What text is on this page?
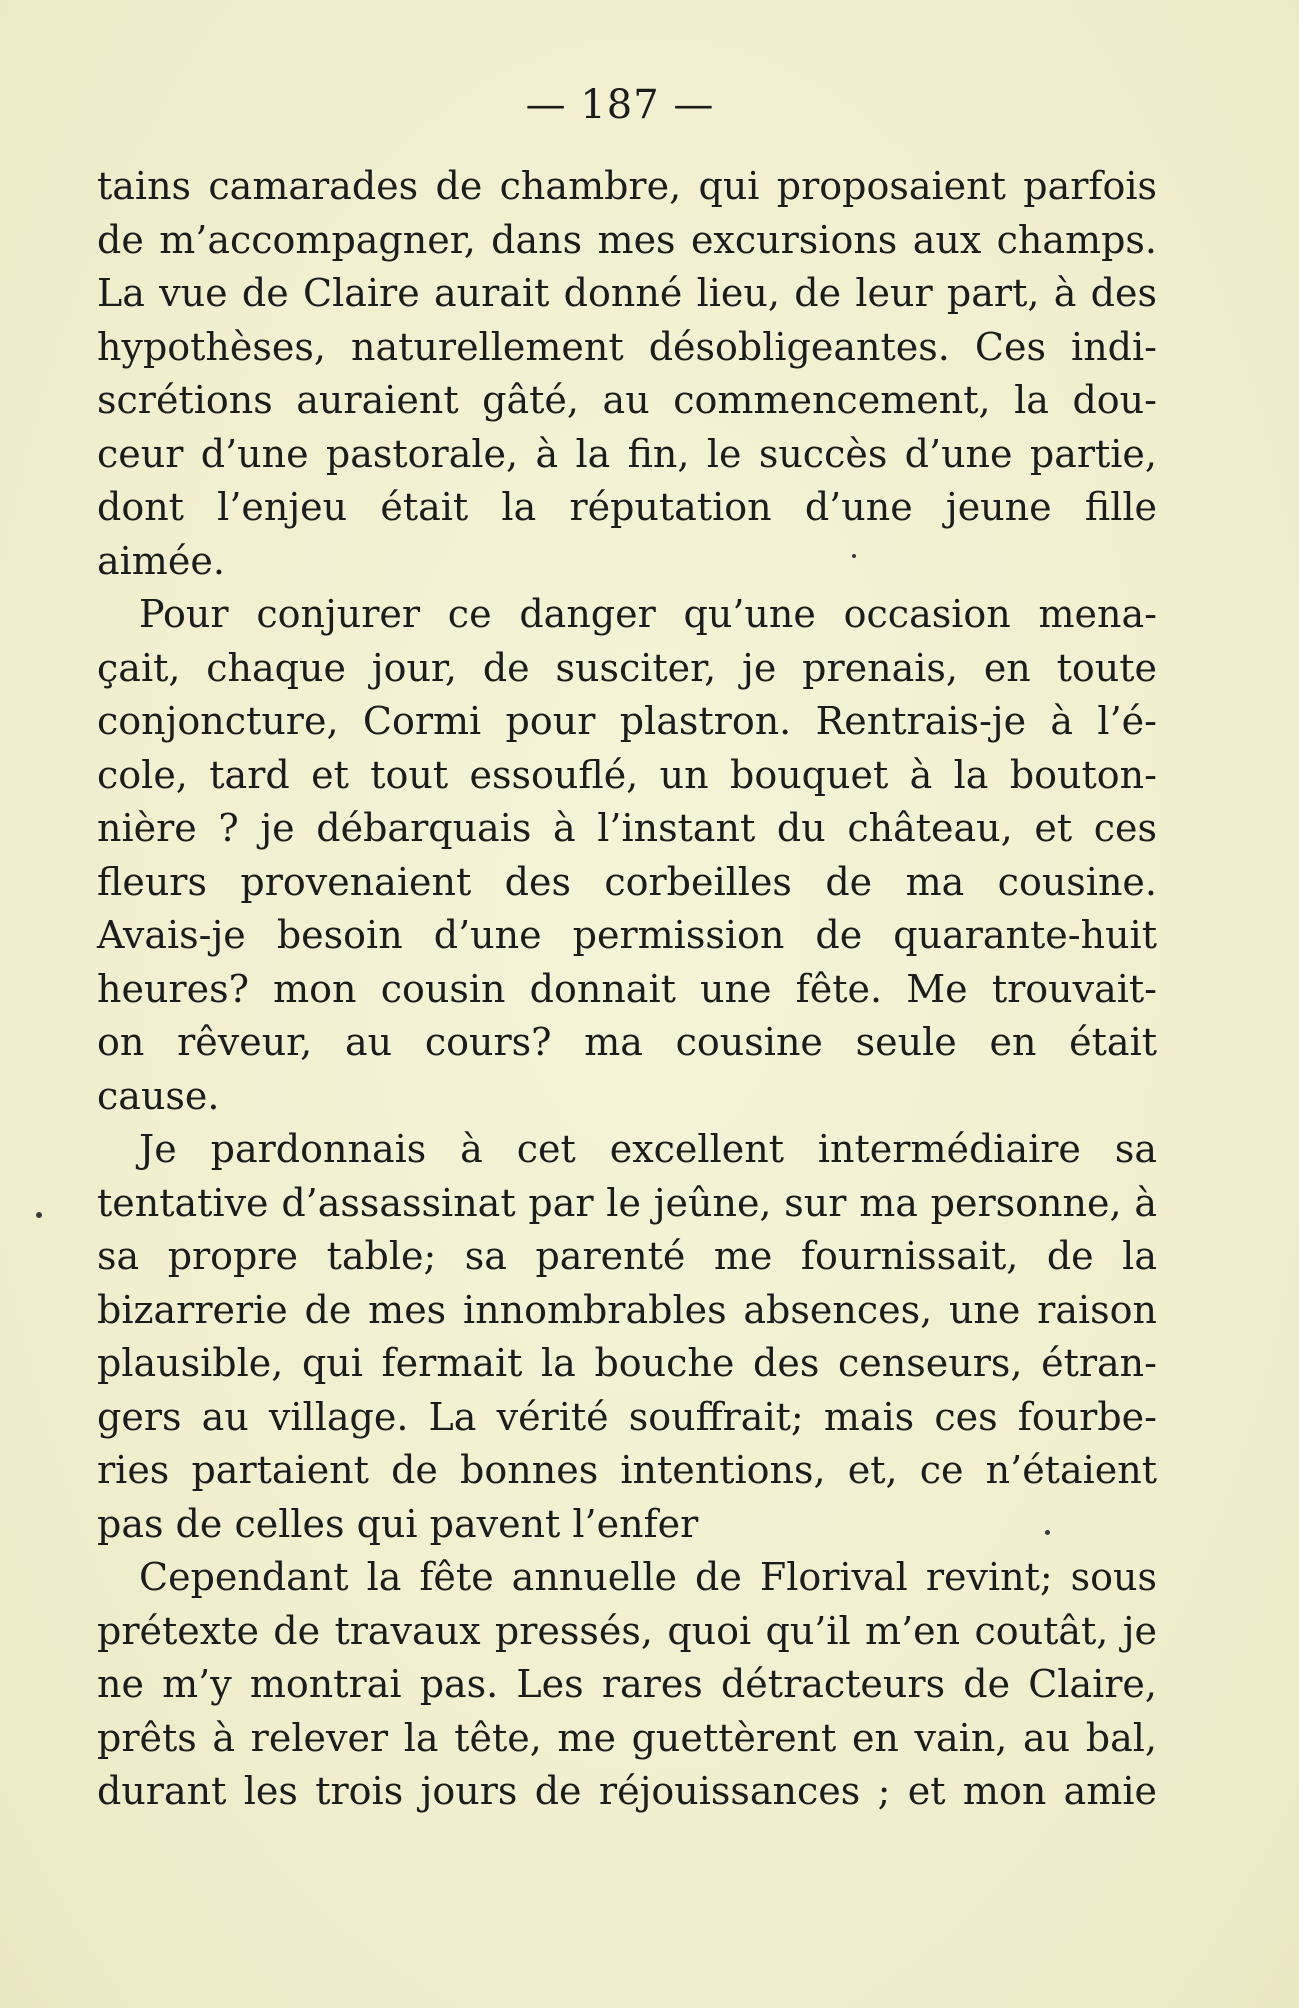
— 187 —
tains camarades de chambre, qui proposaient parfois
de m’accompagner, dans mes excursions aux champs.
La vue de Claire aurait donné lieu, de leur part, à des
hypothèses, naturellement désobligeantes. Ces indi-
scrétions auraient gâté, au commencement, la dou-
ceur d’une pastorale, à la fin, le succès d’une partie,
dont l’enjeu était la réputation d’une jeune fille
aimée.
Pour conjurer ce danger qu’une occasion mena-
çait, chaque jour, de susciter, je prenais, en toute
conjoncture, Cormi pour plastron. Rentrais-je à l’é-
cole, tard et tout essouflé, un bouquet à la bouton-
nière ? je débarquais à l’instant du château, et ces
fleurs provenaient des corbeilles de ma cousine.
Avais-je besoin d’une permission de quarante-huit
heures? mon cousin donnait une fête. Me trouvait-
on rêveur, au cours? ma cousine seule en était
cause.
Je pardonnais à cet excellent intermédiaire sa
tentative d’assassinat par le jeûne, sur ma personne, à
sa propre table; sa parenté me fournissait, de la
bizarrerie de mes innombrables absences, une raison
plausible, qui fermait la bouche des censeurs, étran-
gers au village. La vérité souffrait; mais ces fourbe-
ries partaient de bonnes intentions, et, ce n’étaient
pas de celles qui pavent l’enfer
Cependant la fête annuelle de Florival revint; sous
prétexte de travaux pressés, quoi qu’il m’en coutât, je
ne m’y montrai pas. Les rares détracteurs de Claire,
prêts à relever la tête, me guettèrent en vain, au bal,
durant les trois jours de réjouissances ; et mon amie
